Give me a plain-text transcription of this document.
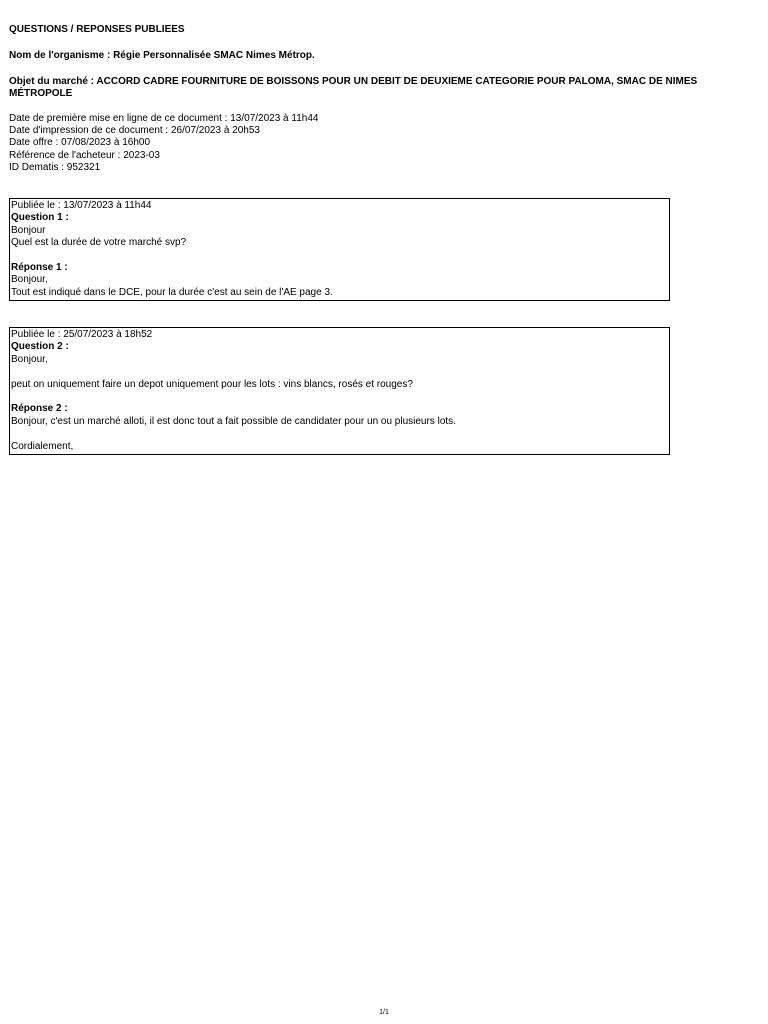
QUESTIONS / REPONSES PUBLIEES

Nom de l'organisme : Régie Personnalisée SMAC Nimes Métrop.

Objet du marché : ACCORD CADRE FOURNITURE DE BOISSONS POUR UN DEBIT DE DEUXIEME CATEGORIE POUR PALOMA, SMAC DE NIMES MÉTROPOLE

Date de première mise en ligne de ce document : 13/07/2023 à 11h44

Date d'impression de ce document : 26/07/2023 à 20h53

Date offre : 07/08/2023 à 16h00

Référence de l'acheteur : 2023-03

ID Dematis : 952321

Publiée le : 13/07/2023 à 11h44

Question 1 :

Bonjour

Quel est la durée de votre marché svp?

Réponse 1 :

Bonjour,

Tout est indiqué dans le DCE, pour la durée c'est au sein de l'AE page 3.

Publiée le : 25/07/2023 à 18h52

Question 2 :

Bonjour,

peut on uniquement faire un depot uniquement pour les lots : vins blancs, rosés et rouges?

Réponse 2 :

Bonjour, c'est un marché alloti, il est donc tout a fait possible de candidater pour un ou plusieurs lots.

Cordialement,

1/1
